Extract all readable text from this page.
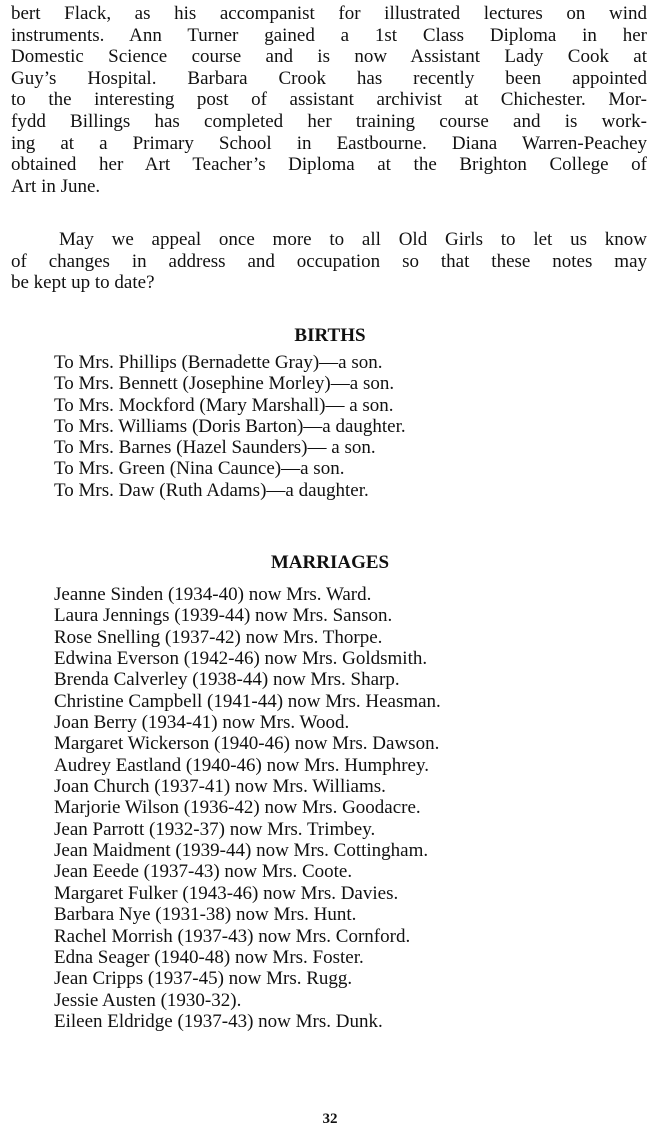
bert Flack, as his accompanist for illustrated lectures on wind
instruments. Ann Turner gained a 1st Class Diploma in her
Domestic Science course and is now Assistant Lady Cook at
Guy’s Hospital. Barbara Crook has recently been appointed
to the interesting post of assistant archivist at Chichester. Mor-
fydd Billings has completed her training course and is work-
ing at a Primary School in Eastbourne. Diana Warren-Peachey
obtained her Art Teacher’s Diploma at the Brighton College of
Art in June.
May we appeal once more to all Old Girls to let us know
of changes in address and occupation so that these notes may
be kept up to date?
BIRTHS
To Mrs. Phillips (Bernadette Gray)—a son.
To Mrs. Bennett (Josephine Morley)—a son.
To Mrs. Mockford (Mary Marshall)— a son.
To Mrs. Williams (Doris Barton)—a daughter.
To Mrs. Barnes (Hazel Saunders)— a son.
To Mrs. Green (Nina Caunce)—a son.
To Mrs. Daw (Ruth Adams)—a daughter.
MARRIAGES
Jeanne Sinden (1934-40) now Mrs. Ward.
Laura Jennings (1939-44) now Mrs. Sanson.
Rose Snelling (1937-42) now Mrs. Thorpe.
Edwina Everson (1942-46) now Mrs. Goldsmith.
Brenda Calverley (1938-44) now Mrs. Sharp.
Christine Campbell (1941-44) now Mrs. Heasman.
Joan Berry (1934-41) now Mrs. Wood.
Margaret Wickerson (1940-46) now Mrs. Dawson.
Audrey Eastland (1940-46) now Mrs. Humphrey.
Joan Church (1937-41) now Mrs. Williams.
Marjorie Wilson (1936-42) now Mrs. Goodacre.
Jean Parrott (1932-37) now Mrs. Trimbey.
Jean Maidment (1939-44) now Mrs. Cottingham.
Jean Eeede (1937-43) now Mrs. Coote.
Margaret Fulker (1943-46) now Mrs. Davies.
Barbara Nye (1931-38) now Mrs. Hunt.
Rachel Morrish (1937-43) now Mrs. Cornford.
Edna Seager (1940-48) now Mrs. Foster.
Jean Cripps (1937-45) now Mrs. Rugg.
Jessie Austen (1930-32).
Eileen Eldridge (1937-43) now Mrs. Dunk.
32
